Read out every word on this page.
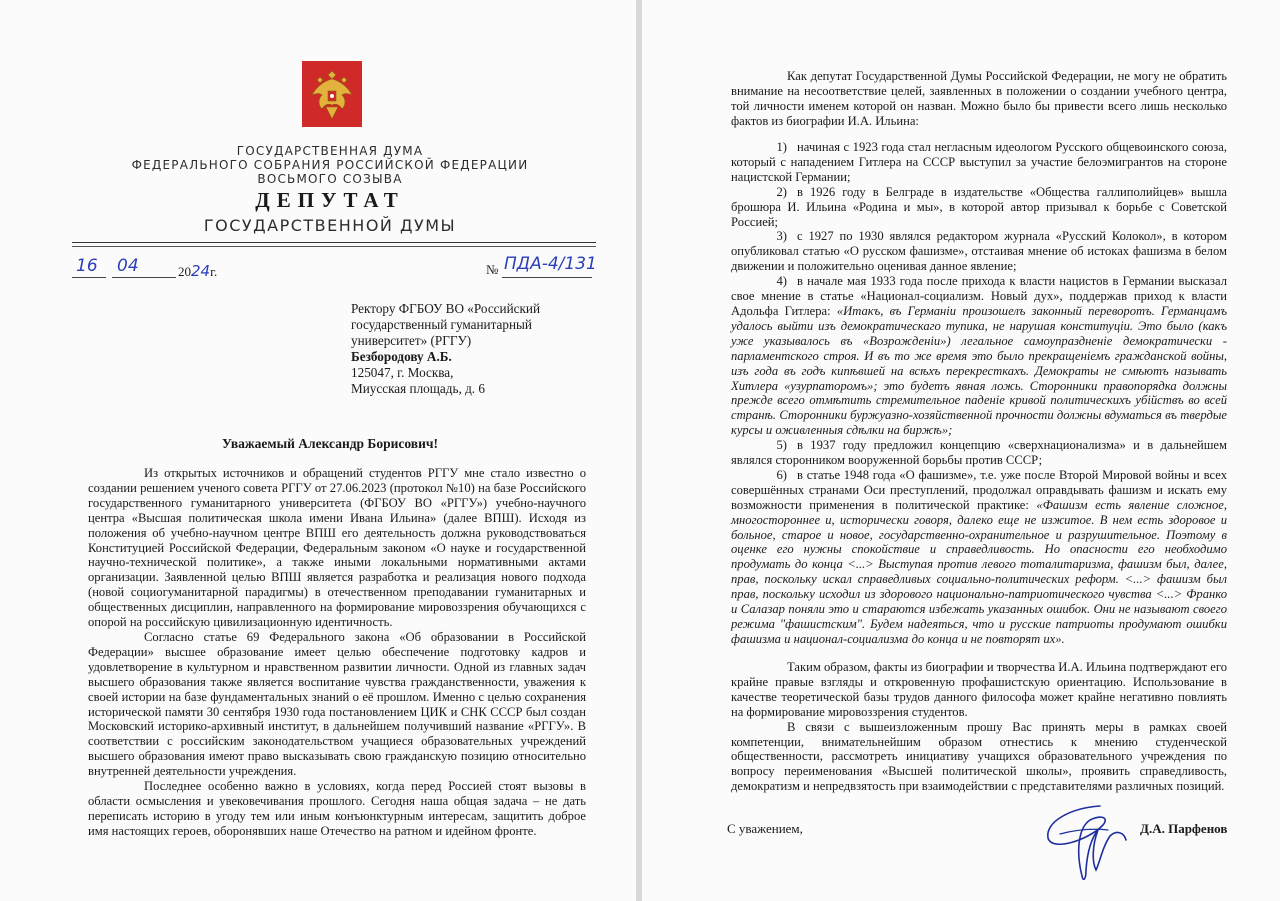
ГОСУДАРСТВЕННАЯ ДУМА
ФЕДЕРАЛЬНОГО СОБРАНИЯ РОССИЙСКОЙ ФЕДЕРАЦИИ
ВОСЬМОГО СОЗЫВА
ДЕПУТАТ
ГОСУДАРСТВЕННОЙ ДУМЫ
16	04	2024г.	№ ПДА-4/131
Ректору ФГБОУ ВО «Российский
государственный гуманитарный
университет» (РГГУ)
Безбородову А.Б.
125047, г. Москва,
Миусская площадь, д. 6
Уважаемый Александр Борисович!

Из открытых источников и обращений студентов РГГУ мне стало известно о создании решением ученого совета РГГУ от 27.06.2023 (протокол №10) на базе Российского государственного гуманитарного университета (ФГБОУ ВО «РГГУ») учебно-научного центра «Высшая политическая школа имени Ивана Ильина» (далее ВПШ). Исходя из положения об учебно-научном центре ВПШ его деятельность должна руководствоваться Конституцией Российской Федерации, Федеральным законом «О науке и государственной научно-технической политике», а также иными локальными нормативными актами организации. Заявленной целью ВПШ является разработка и реализация нового подхода (новой социогуманитарной парадигмы) в отечественном преподавании гуманитарных и общественных дисциплин, направленного на формирование мировоззрения обучающихся с опорой на российскую цивилизационную идентичность.

Согласно статье 69 Федерального закона «Об образовании в Российской Федерации» высшее образование имеет целью обеспечение подготовку кадров и удовлетворение в культурном и нравственном развитии личности. Одной из главных задач высшего образования также является воспитание чувства гражданственности, уважения к своей истории на базе фундаментальных знаний о её прошлом. Именно с целью сохранения исторической памяти 30 сентября 1930 года постановлением ЦИК и СНК СССР был создан Московский историко-архивный институт, в дальнейшем получивший название «РГГУ». В соответствии с российским законодательством учащиеся образовательных учреждений высшего образования имеют право высказывать свою гражданскую позицию относительно внутренней деятельности учреждения.

Последнее особенно важно в условиях, когда перед Россией стоят вызовы в области осмысления и увековечивания прошлого. Сегодня наша общая задача – не дать переписать историю в угоду тем или иным конъюнктурным интересам, защитить доброе имя настоящих героев, оборонявших наше Отечество на ратном и идейном фронте.

Как депутат Государственной Думы Российской Федерации, не могу не обратить внимание на несоответствие целей, заявленных в положении о создании учебного центра, той личности именем которой он назван. Можно было бы привести всего лишь несколько фактов из биографии И.А. Ильина:

1) начиная с 1923 года стал негласным идеологом Русского общевоинского союза, который с нападением Гитлера на СССР выступил за участие белоэмигрантов на стороне нацистской Германии;

2) в 1926 году в Белграде в издательстве «Общества галлиполийцев» вышла брошюра И. Ильина «Родина и мы», в которой автор призывал к борьбе с Советской Россией;

3) с 1927 по 1930 являлся редактором журнала «Русский Колокол», в котором опубликовал статью «О русском фашизме», отстаивая мнение об истоках фашизма в белом движении и положительно оценивая данное явление;

4) в начале мая 1933 года после прихода к власти нацистов в Германии высказал свое мнение в статье «Национал-социализм. Новый дух», поддержав приход к власти Адольфа Гитлера: «Итакъ, въ Германіи произошелъ законный переворотъ. Германцамъ удалось выйти изъ демократическаго тупика, не нарушая конституціи. Это было (какъ уже указывалось въ «Возрожденіи») легальное самоупраздненіе демократически - парламентского строя. И въ то же время это было прекращеніемъ гражданской войны, изъ года въ годъ кипѣвшей на всѣхъ перекресткахъ. Демократы не смѣютъ называть Хитлера «узурпаторомъ»; это будетъ явная ложь. Сторонники правопорядка должны прежде всего отмѣтить стремительное паденіе кривой политическихъ убійствъ во всей странѣ. Сторонники буржуазно-хозяйственной прочности должны вдуматься въ твердые курсы и оживленныя сдѣлки на биржѣ»;

5) в 1937 году предложил концепцию «сверхнационализма» и в дальнейшем являлся сторонником вооруженной борьбы против СССР;

6) в статье 1948 года «О фашизме», т.е. уже после Второй Мировой войны и всех совершённых странами Оси преступлений, продолжал оправдывать фашизм и искать ему возможности применения в политической практике: «Фашизм есть явление сложное, многостороннее и, исторически говоря, далеко еще не изжитое. В нем есть здоровое и больное, старое и новое, государственно-охранительное и разрушительное. Поэтому в оценке его нужны спокойствие и справедливость. Но опасности его необходимо продумать до конца <...> Выступая против левого тоталитаризма, фашизм был, далее, прав, поскольку искал справедливых социально-политических реформ. <...> фашизм был прав, поскольку исходил из здорового национально-патриотического чувства <...> Франко и Салазар поняли это и стараются избежать указанных ошибок. Они не называют своего режима "фашистским". Будем надеяться, что и русские патриоты продумают ошибки фашизма и национал-социализма до конца и не повторят их».

Таким образом, факты из биографии и творчества И.А. Ильина подтверждают его крайне правые взгляды и откровенную профашистскую ориентацию. Использование в качестве теоретической базы трудов данного философа может крайне негативно повлиять на формирование мировоззрения студентов.

В связи с вышеизложенным прошу Вас принять меры в рамках своей компетенции, внимательнейшим образом отнестись к мнению студенческой общественности, рассмотреть инициативу учащихся образовательного учреждения по вопросу переименования «Высшей политической школы», проявить справедливость, демократизм и непредвзятость при взаимодействии с представителями различных позиций.

С уважением,	Д.А. Парфенов
